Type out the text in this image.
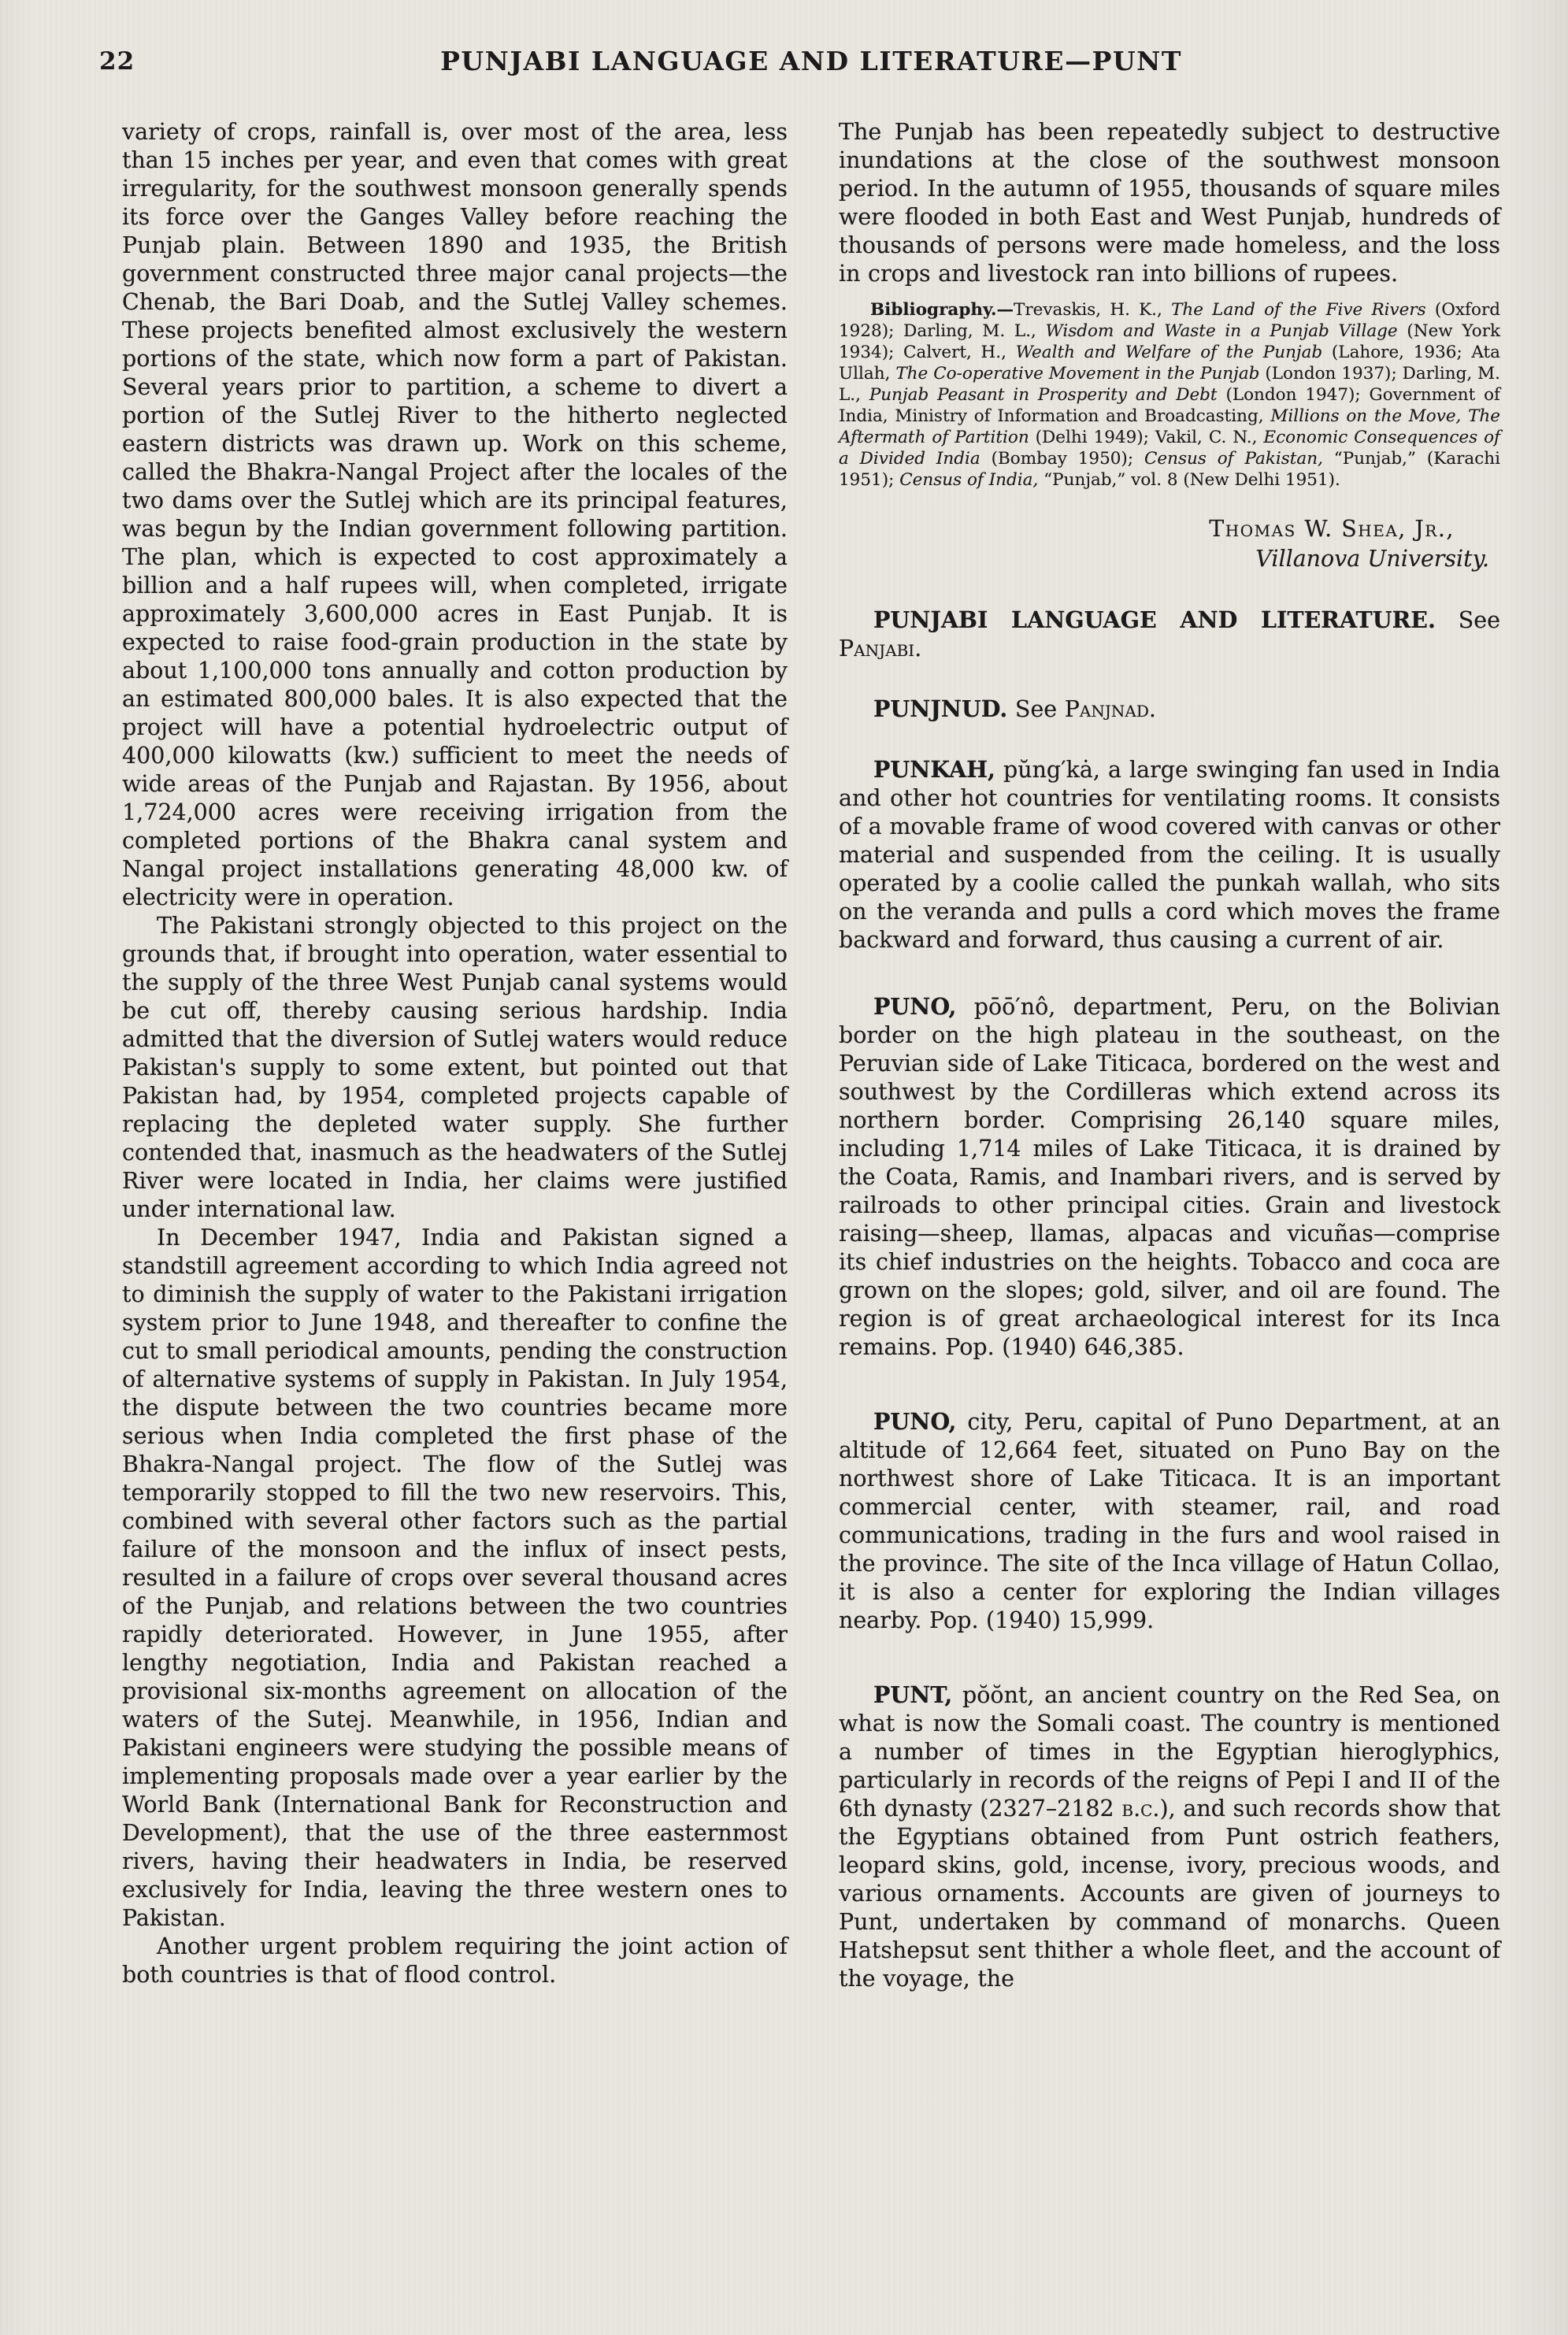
22	PUNJABI LANGUAGE AND LITERATURE—PUNT

variety of crops, rainfall is, over most of the area, less than 15 inches per year, and even that comes with great irregularity, for the southwest monsoon generally spends its force over the Ganges Valley before reaching the Punjab plain. Between 1890 and 1935, the British government constructed three major canal projects—the Chenab, the Bari Doab, and the Sutlej Valley schemes. These projects benefited almost exclusively the western portions of the state, which now form a part of Pakistan. Several years prior to partition, a scheme to divert a portion of the Sutlej River to the hitherto neglected eastern districts was drawn up. Work on this scheme, called the Bhakra-Nangal Project after the locales of the two dams over the Sutlej which are its principal features, was begun by the Indian government following partition. The plan, which is expected to cost approximately a billion and a half rupees will, when completed, irrigate approximately 3,600,000 acres in East Punjab. It is expected to raise food-grain production in the state by about 1,100,000 tons annually and cotton production by an estimated 800,000 bales. It is also expected that the project will have a potential hydroelectric output of 400,000 kilowatts (kw.) sufficient to meet the needs of wide areas of the Punjab and Rajastan. By 1956, about 1,724,000 acres were receiving irrigation from the completed portions of the Bhakra canal system and Nangal project installations generating 48,000 kw. of electricity were in operation.

The Pakistani strongly objected to this project on the grounds that, if brought into operation, water essential to the supply of the three West Punjab canal systems would be cut off, thereby causing serious hardship. India admitted that the diversion of Sutlej waters would reduce Pakistan's supply to some extent, but pointed out that Pakistan had, by 1954, completed projects capable of replacing the depleted water supply. She further contended that, inasmuch as the headwaters of the Sutlej River were located in India, her claims were justified under international law.

In December 1947, India and Pakistan signed a standstill agreement according to which India agreed not to diminish the supply of water to the Pakistani irrigation system prior to June 1948, and thereafter to confine the cut to small periodical amounts, pending the construction of alternative systems of supply in Pakistan. In July 1954, the dispute between the two countries became more serious when India completed the first phase of the Bhakra-Nangal project. The flow of the Sutlej was temporarily stopped to fill the two new reservoirs. This, combined with several other factors such as the partial failure of the monsoon and the influx of insect pests, resulted in a failure of crops over several thousand acres of the Punjab, and relations between the two countries rapidly deteriorated. However, in June 1955, after lengthy negotiation, India and Pakistan reached a provisional six-months agreement on allocation of the waters of the Sutej. Meanwhile, in 1956, Indian and Pakistani engineers were studying the possible means of implementing proposals made over a year earlier by the World Bank (International Bank for Reconstruction and Development), that the use of the three easternmost rivers, having their headwaters in India, be reserved exclusively for India, leaving the three western ones to Pakistan.

Another urgent problem requiring the joint action of both countries is that of flood control.

The Punjab has been repeatedly subject to destructive inundations at the close of the southwest monsoon period. In the autumn of 1955, thousands of square miles were flooded in both East and West Punjab, hundreds of thousands of persons were made homeless, and the loss in crops and livestock ran into billions of rupees.

Bibliography.—Trevaskis, H. K., The Land of the Five Rivers (Oxford 1928); Darling, M. L., Wisdom and Waste in a Punjab Village (New York 1934); Calvert, H., Wealth and Welfare of the Punjab (Lahore, 1936; Ata Ullah, The Co-operative Movement in the Punjab (London 1937); Darling, M. L., Punjab Peasant in Prosperity and Debt (London 1947); Government of India, Ministry of Information and Broadcasting, Millions on the Move, The Aftermath of Partition (Delhi 1949); Vakil, C. N., Economic Consequences of a Divided India (Bombay 1950); Census of Pakistan, “Punjab,” (Karachi 1951); Census of India, “Punjab,” vol. 8 (New Delhi 1951).

Thomas W. Shea, Jr.,
Villanova University.

PUNJABI LANGUAGE AND LITERATURE. See Panjabi.

PUNJNUD. See Panjnad.

PUNKAH, pŭng′kȧ, a large swinging fan used in India and other hot countries for ventilating rooms. It consists of a movable frame of wood covered with canvas or other material and suspended from the ceiling. It is usually operated by a coolie called the punkah wallah, who sits on the veranda and pulls a cord which moves the frame backward and forward, thus causing a current of air.

PUNO, pōō′nô, department, Peru, on the Bolivian border on the high plateau in the southeast, on the Peruvian side of Lake Titicaca, bordered on the west and southwest by the Cordilleras which extend across its northern border. Comprising 26,140 square miles, including 1,714 miles of Lake Titicaca, it is drained by the Coata, Ramis, and Inambari rivers, and is served by railroads to other principal cities. Grain and livestock raising—sheep, llamas, alpacas and vicuñas—comprise its chief industries on the heights. Tobacco and coca are grown on the slopes; gold, silver, and oil are found. The region is of great archaeological interest for its Inca remains. Pop. (1940) 646,385.

PUNO, city, Peru, capital of Puno Department, at an altitude of 12,664 feet, situated on Puno Bay on the northwest shore of Lake Titicaca. It is an important commercial center, with steamer, rail, and road communications, trading in the furs and wool raised in the province. The site of the Inca village of Hatun Collao, it is also a center for exploring the Indian villages nearby. Pop. (1940) 15,999.

PUNT, pŏŏnt, an ancient country on the Red Sea, on what is now the Somali coast. The country is mentioned a number of times in the Egyptian hieroglyphics, particularly in records of the reigns of Pepi I and II of the 6th dynasty (2327–2182 b.c.), and such records show that the Egyptians obtained from Punt ostrich feathers, leopard skins, gold, incense, ivory, precious woods, and various ornaments. Accounts are given of journeys to Punt, undertaken by command of monarchs. Queen Hatshepsut sent thither a whole fleet, and the account of the voyage, the
